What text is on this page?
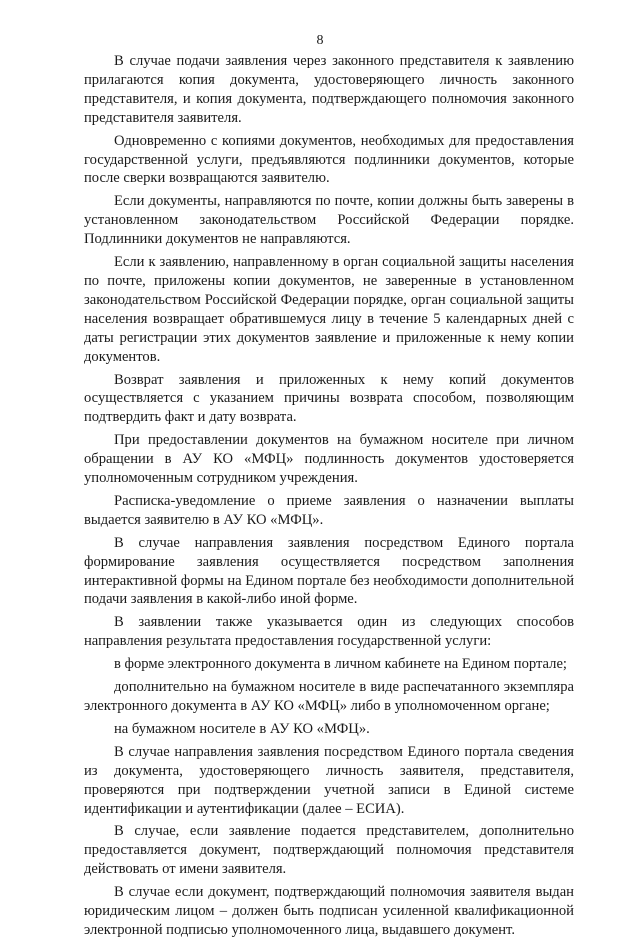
8

В случае подачи заявления через законного представителя к заявлению прилагаются копия документа, удостоверяющего личность законного представителя, и копия документа, подтверждающего полномочия законного представителя заявителя.

Одновременно с копиями документов, необходимых для предоставления государственной услуги, предъявляются подлинники документов, которые после сверки возвращаются заявителю.

Если документы, направляются по почте, копии должны быть заверены в установленном законодательством Российской Федерации порядке. Подлинники документов не направляются.

Если к заявлению, направленному в орган социальной защиты населения по почте, приложены копии документов, не заверенные в установленном законодательством Российской Федерации порядке, орган социальной защиты населения возвращает обратившемуся лицу в течение 5 календарных дней с даты регистрации этих документов заявление и приложенные к нему копии документов.

Возврат заявления и приложенных к нему копий документов осуществляется с указанием причины возврата способом, позволяющим подтвердить факт и дату возврата.

При предоставлении документов на бумажном носителе при личном обращении в АУ КО «МФЦ» подлинность документов удостоверяется уполномоченным сотрудником учреждения.

Расписка-уведомление о приеме заявления о назначении выплаты выдается заявителю в АУ КО «МФЦ».

В случае направления заявления посредством Единого портала формирование заявления осуществляется посредством заполнения интерактивной формы на Едином портале без необходимости дополнительной подачи заявления в какой-либо иной форме.

В заявлении также указывается один из следующих способов направления результата предоставления государственной услуги:

в форме электронного документа в личном кабинете на Едином портале;

дополнительно на бумажном носителе в виде распечатанного экземпляра электронного документа в АУ КО «МФЦ» либо в уполномоченном органе;

на бумажном носителе в АУ КО «МФЦ».

В случае направления заявления посредством Единого портала сведения из документа, удостоверяющего личность заявителя, представителя, проверяются при подтверждении учетной записи в Единой системе идентификации и аутентификации (далее – ЕСИА).

В случае, если заявление подается представителем, дополнительно предоставляется документ, подтверждающий полномочия представителя действовать от имени заявителя.

В случае если документ, подтверждающий полномочия заявителя выдан юридическим лицом – должен быть подписан усиленной квалификационной электронной подписью уполномоченного лица, выдавшего документ.
